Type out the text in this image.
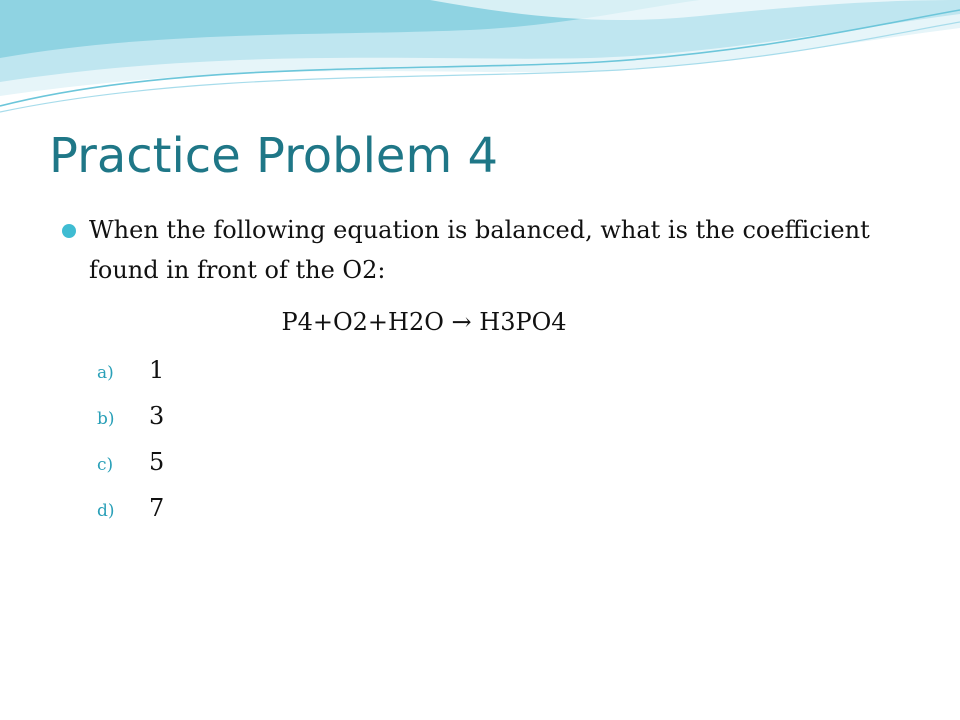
Practice Problem 4
When the following equation is balanced, what is the coefficient found in front of the O2:
P4+O2+H2O → H3PO4
a) 1
b) 3
c) 5
d) 7
